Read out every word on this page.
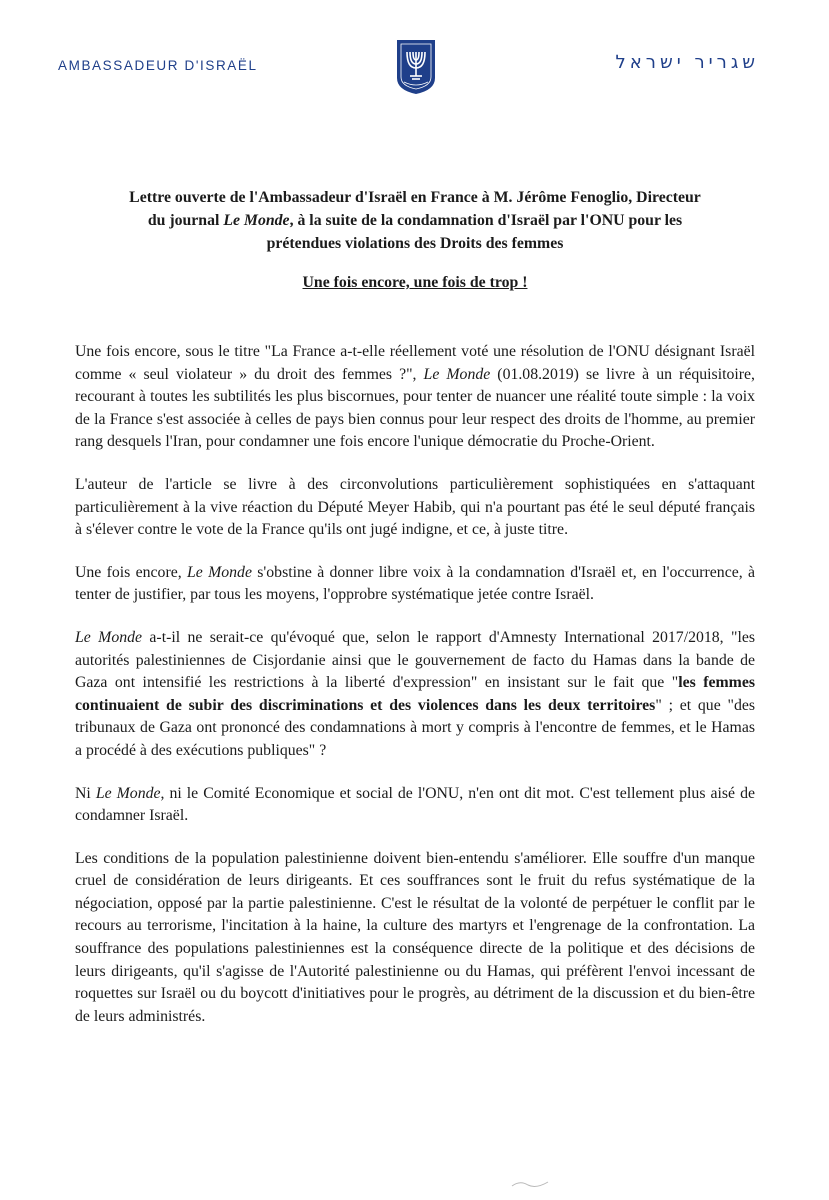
AMBASSADEUR D'ISRAËL	שגריר ישראל
Lettre ouverte de l'Ambassadeur d'Israël en France à M. Jérôme Fenoglio, Directeur
du journal Le Monde, à la suite de la condamnation d'Israël par l'ONU pour les
prétendues violations des Droits des femmes
Une fois encore, une fois de trop !

Une fois encore, sous le titre "La France a-t-elle réellement voté une résolution de l'ONU désignant Israël comme « seul violateur » du droit des femmes ?", Le Monde (01.08.2019) se livre à un réquisitoire, recourant à toutes les subtilités les plus biscornues, pour tenter de nuancer une réalité toute simple : la voix de la France s'est associée à celles de pays bien connus pour leur respect des droits de l'homme, au premier rang desquels l'Iran, pour condamner une fois encore l'unique démocratie du Proche-Orient.

L'auteur de l'article se livre à des circonvolutions particulièrement sophistiquées en s'attaquant particulièrement à la vive réaction du Député Meyer Habib, qui n'a pourtant pas été le seul député français à s'élever contre le vote de la France qu'ils ont jugé indigne, et ce, à juste titre.

Une fois encore, Le Monde s'obstine à donner libre voix à la condamnation d'Israël et, en l'occurrence, à tenter de justifier, par tous les moyens, l'opprobre systématique jetée contre Israël.

Le Monde a-t-il ne serait-ce qu'évoqué que, selon le rapport d'Amnesty International 2017/2018, "les autorités palestiniennes de Cisjordanie ainsi que le gouvernement de facto du Hamas dans la bande de Gaza ont intensifié les restrictions à la liberté d'expression" en insistant sur le fait que "les femmes continuaient de subir des discriminations et des violences dans les deux territoires" ; et que "des tribunaux de Gaza ont prononcé des condamnations à mort y compris à l'encontre de femmes, et le Hamas a procédé à des exécutions publiques" ?

Ni Le Monde, ni le Comité Economique et social de l'ONU, n'en ont dit mot. C'est tellement plus aisé de condamner Israël.

Les conditions de la population palestinienne doivent bien-entendu s'améliorer. Elle souffre d'un manque cruel de considération de leurs dirigeants. Et ces souffrances sont le fruit du refus systématique de la négociation, opposé par la partie palestinienne. C'est le résultat de la volonté de perpétuer le conflit par le recours au terrorisme, l'incitation à la haine, la culture des martyrs et l'engrenage de la confrontation. La souffrance des populations palestiniennes est la conséquence directe de la politique et des décisions de leurs dirigeants, qu'il s'agisse de l'Autorité palestinienne ou du Hamas, qui préfèrent l'envoi incessant de roquettes sur Israël ou du boycott d'initiatives pour le progrès, au détriment de la discussion et du bien-être de leurs administrés.
